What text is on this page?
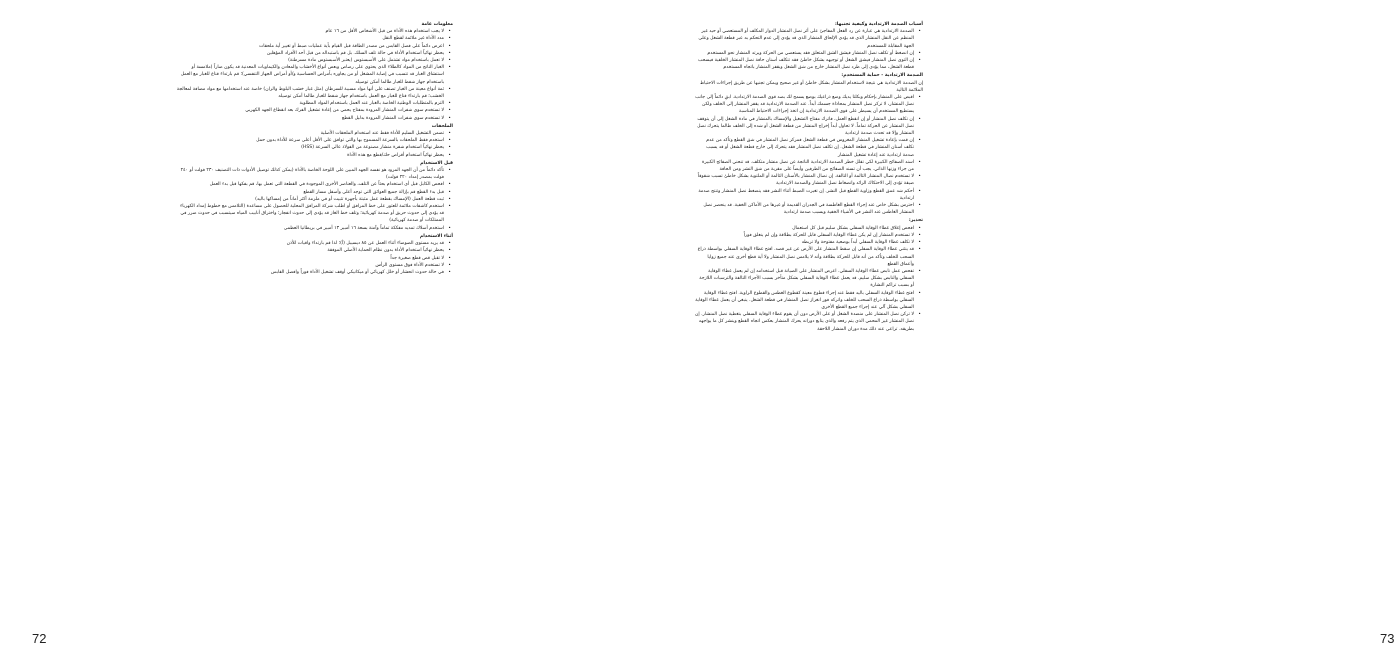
معلومات عامة
• لا يجب استخدام هذه الأداة من قبل الأشخاص الأقل من ١٦ عام
• مدد الأداة غير ملائمة لقطع النقل
• اعرض دائماً على فصل القابس من مصدر الطاقة قبل القيام بأية عمليات ضبط أو تغيير أية ملحقات
• يحظر نهائياً استخدام الأداة في حالة تلف السلك. بل قم باستبداله من قبل أحد الأفراد المؤهلين
• لا تعمل باستخدام مواد تشتمل على الأسبستوس (يعتبر الأسبستوس مادة مسرطنة)
• الغبار الناتج من المواد كالطلاء الذي يحتوي على رصاص وبعض أنواع الأخشاب والمعادن والكيماويات المعدنية قد يكون ضاراً (ملامسة أو استنشاق الغبار قد تتسبب في إصابة المشغل أو من يجاوره بأمراض الحساسية و/أو أمراض الجهاز التنفسي)؛ قم بارتداء قناع للغبار مع العمل باستخدام جهاز شفط للغبار طالما أمكن توصيله
• ثمة أنواع معينة من الغبار تصنف على أنها مواد مسببة للسرطان (مثل غبار خشب البلوط والزان) خاصة عند استخدامها مع مواد مضافة لمعالجة الخشب؛ قم بارتداء قناع للغبار مع العمل باستخدام جهاز شفط للغبار طالما أمكن توصيله
• التزم بالمتطلبات الوطنية الخاصة بالغبار عند العمل باستخدام المواد المطلوبة
• لا تستخدم سوى شفرات المنشار المزودة بمفتاح يحمي من إعادة تشغيل الفرك بعد انقطاع الجهد الكهربي
• لا تستخدم سوى شفرات المنشار المزودة بدليل القطع
الملحقات
• تضمن التشغيل السليم للأداة فقط عند استخدام الملحقات الأصلية
• استخدم فقط الملحقات بالسرعة المسموح بها والتي توافق على الأقل أعلى سرعة للأداة بدون حمل
• يحظر نهائياً استخدام شفرة منشار مصنوعة من الفولاذ عالي السرعة (HSS)
• يحظر نهائياً استخدام أقراص حك/قطع مع هذه الأداة
قبل الاستخدام
• تأكد دائماً من أن الجهد المزود هو نفسه الجهد المبين على اللوحة الخاصة بالأداة (يمكن كذلك توصيل الأدوات ذات التصنيف ٢٣٠ فولت أو ٢٤٠ فولت بمصدر إمداد ٢٢٠ فولت)
• افحص الكابل قبل أي استخدام بحثاً عن التلف، والعناصر الأخرى الموجودة في القطعة التي تعمل بها، قم بفكها قبل بدء العمل
• قبل بدء القطع قم بإزالة جميع العوائق التي توجد أعلى وأسفل مسار القطع
• ثبت قطعة العمل (الإمساك بقطعة عمل مثبتة بأجهزة تثبيت أو في ملزمة أكثر أماناً من إمساكها باليد)
• استخدم كاشفات ملائمة للعثور على خط المرافق أو اطلب شركة المرافق المحلية للحصول على مساعدة (التلامس مع خطوط إمداد الكهرباء قد يؤدي إلى حدوث حريق أو صدمة كهربائية؛ وتلف خط الغاز قد يؤدي إلى حدوث انفجار؛ واختراق أنابيب المياه سيتسبب في حدوث ضرر في الممتلكات أو صدمة كهربائية)
• استخدم أسلاك تمديد مفككة تماماً وآمنة بسعة ١٦ أمبير ١٣ أمبير في بريطانيا العظمى
أثناء الاستخدام
• قد يزيد مستوى الضوضاء أثناء العمل عن ٨٥ ديسيبل (أ)؛ لذا قم بارتداء واقيات للأذن
• يحظر نهائياً استخدام الأداة بدون نظام الحماية الأصلي الموفقة
• لا تقبل قص قطع صغيرة جداً
• لا تستخدم الأداة فوق مستوى الرأس
• في حالة حدوث انحشار أو خلل كهربائي أو ميكانيكي أوقف تشغيل الأداة فوراً وافصل القابس
72
أسباب الصدمة الارتدادية وكيفية تجنبها:
• الصدمة الارتدادية هي عبارة عن رد الفعل المفاجئ على أثر نصل المنشار الدوار المكلف أو المستعصي أو حيد غير المنظم عن النقل المنشار الذي قد يؤدي الإلحاق المنشار الذي قد يؤدي إلى عدم التحكم به عبر قطعة الشغل وعلى الجهة المقابلة للمستخدم
• إن انضغط أو تكلف نصل المنشار فيشق الشق المتعلق فقد يستعصي من الحركة ويرتد المنشار نحو المستخدم
• إن التوى نصل المنشار فيشق الشغل أو توجيهه بشكل خاطئ فقد تتكلف أسنان حافة نصل المنشار الخلفية فيسحب قطعة الشغل، مما يؤدي إلى طرد نصل المنشار خارج من شق الشغل وبقفز المنشار باتجاه المستخدم
الصدمة الارتدادية - حماية المستخدم:

إن الصدمة الارتدادية هي نتيجة لاستخدام المنشار بشكل خاطئ أو غير صحيح ويمكن تجنبها عن طريق إجراءات الاحتياط الملائمة التالية

• اقبض على المنشار بإحكام وبكلتا يديك وضع ذراعيك بوضع يسمح لك بصد قوى الصدمة الارتدادية. ابقِ دائماً إلى جانب نصل المنشار، لا تركز نصل المنشار بمحاذاة جسمك أبداً. عند الصدمة الارتدادية قد يقفز المنشار إلى الخلف ولكن يستطيع المستخدم أن يسيطر على قوى الصدمة الارتدادية إن اتخذ إجراءات الاحتياط المناسبة
• إن تكلف نصل المنشار أو إن انقطع العمل، فاترك مفتاح التشغيل والإمساك بالمنشار في مادة الشغل إلى أن يتوقف نصل المنشار عن الحركة تماماً. لا تحاول أبداً إخراج المنشار من قطعة الشغل أو شده إلى الخلف طالما يتحرك نصل المنشار وإلا قد تحدث صدمة ارتدادية
• إن قمت بإعادة تشغيل المنشار المغروس في قطعة الشغل فمركز نصل المنشار في شق القطع وتأكد من عدم تكلف أسنان المنشار في قطعة الشغل. إن تكلف نصل المنشار فقد يتحرك إلى خارج قطعة الشغل أو قد يسبب صدمة ارتدادية عند إعادة تشغيل المنشار
• اسند الصفائح الكبيرة لكي تقلل خطر الصدمة الارتدادية الناتجة عن نصل منشار متكلف. قد تنحني الصفائح الكبيرة من جراء وزنها الذاتي. يجب أن تسند الصفائح من الطرفين وأيضاً على مقربة من شق النشر ومن الحافة
• لا تستخدم نصال المنشار الثالمة أو التالفة. إن نصال المنشار بالأسنان الثالمة أو الملتوية بشكل خاطئ تسبب شقوقاً ضيقة تؤدي إلى الاحتكاك الزائد وانضغاط نصل المنشار والصدمة الارتدادية
• أحكم شد عمق القطع وزاوية القطع قبل النشر. إن تغيرت الضبط أثناء النشر فقد ينضغط نصل المنشار وتنتج صدمة ارتدادية
• احترس بشكل خاص عند إجراء القطع الغاطسة في الجدران القديمة أو غيرها من الأماكن الخفية. قد ينحصر نصل المنشار الغاطس عند النشر في الأشياء الخفية ويسبب صدمة ارتدادية
تحذير:
• افحص إغلاق غطاء الوقاية السفلي بشكل سليم قبل كل استعمال
• لا تستخدم المنشار إن لم يكن غطاء الوقاية السفلي قابل للحركة بطلاقة وإن لم ينغلق فوراً
• لا تكلف غطاء الوقاية السفلي أبداً بوضعية مفتوحة ولا تربطه
• قد ينثني غطاء الوقاية السفلي إن سقط المنشار على الأرض عن غير قصد. افتح غطاء الوقاية السفلي بواسطة ذراع السحب للخلف وتأكد من أنه قابل للحركة بطلاقة وأنه لا يلامس نصل المنشار ولا أية قطع أخرى عند جميع زوايا وأعماق القطع
• تفحص عمل نابض غطاء الوقاية السفلي. اعرض المنشار على الصيانة قبل استخدامه إن لم يعمل غطاء الوقاية السفلي والنابض بشكل سليم. قد يعمل غطاء الوقاية السفلي بشكل متأخر بسبب الأجزاء التالفة والترسبات اللازجة أو بسبب تراكم النشارة
• افتح غطاء الوقاية السفلي باليد فقط عند إجراء قطوع معينة كقطوع الغطس والقطوع الزاوية. افتح غطاء الوقاية السفلي بواسطة ذراع السحب للخلف واتركه فور انغراز نصل المنشار في قطعة الشغل. ينبغي أن يعمل غطاء الوقاية السفلي بشكل آلي عند إجراء جميع القطع الأخرى
• لا تركن نصل المنشار على منضدة الشغل أو على الأرض دون أن يقوم غطاء الوقاية السفلي بتغطية نصل المنشار. إن نصل المنشار غير المحمي الذي يتم رفعه والذي يتابع دورانه يحرك المنشار بعكس اتجاه القطع وينشر كل ما يواجهه بطريقه. تراعى عند ذلك مدة دوران المنشار اللاحقة
73
